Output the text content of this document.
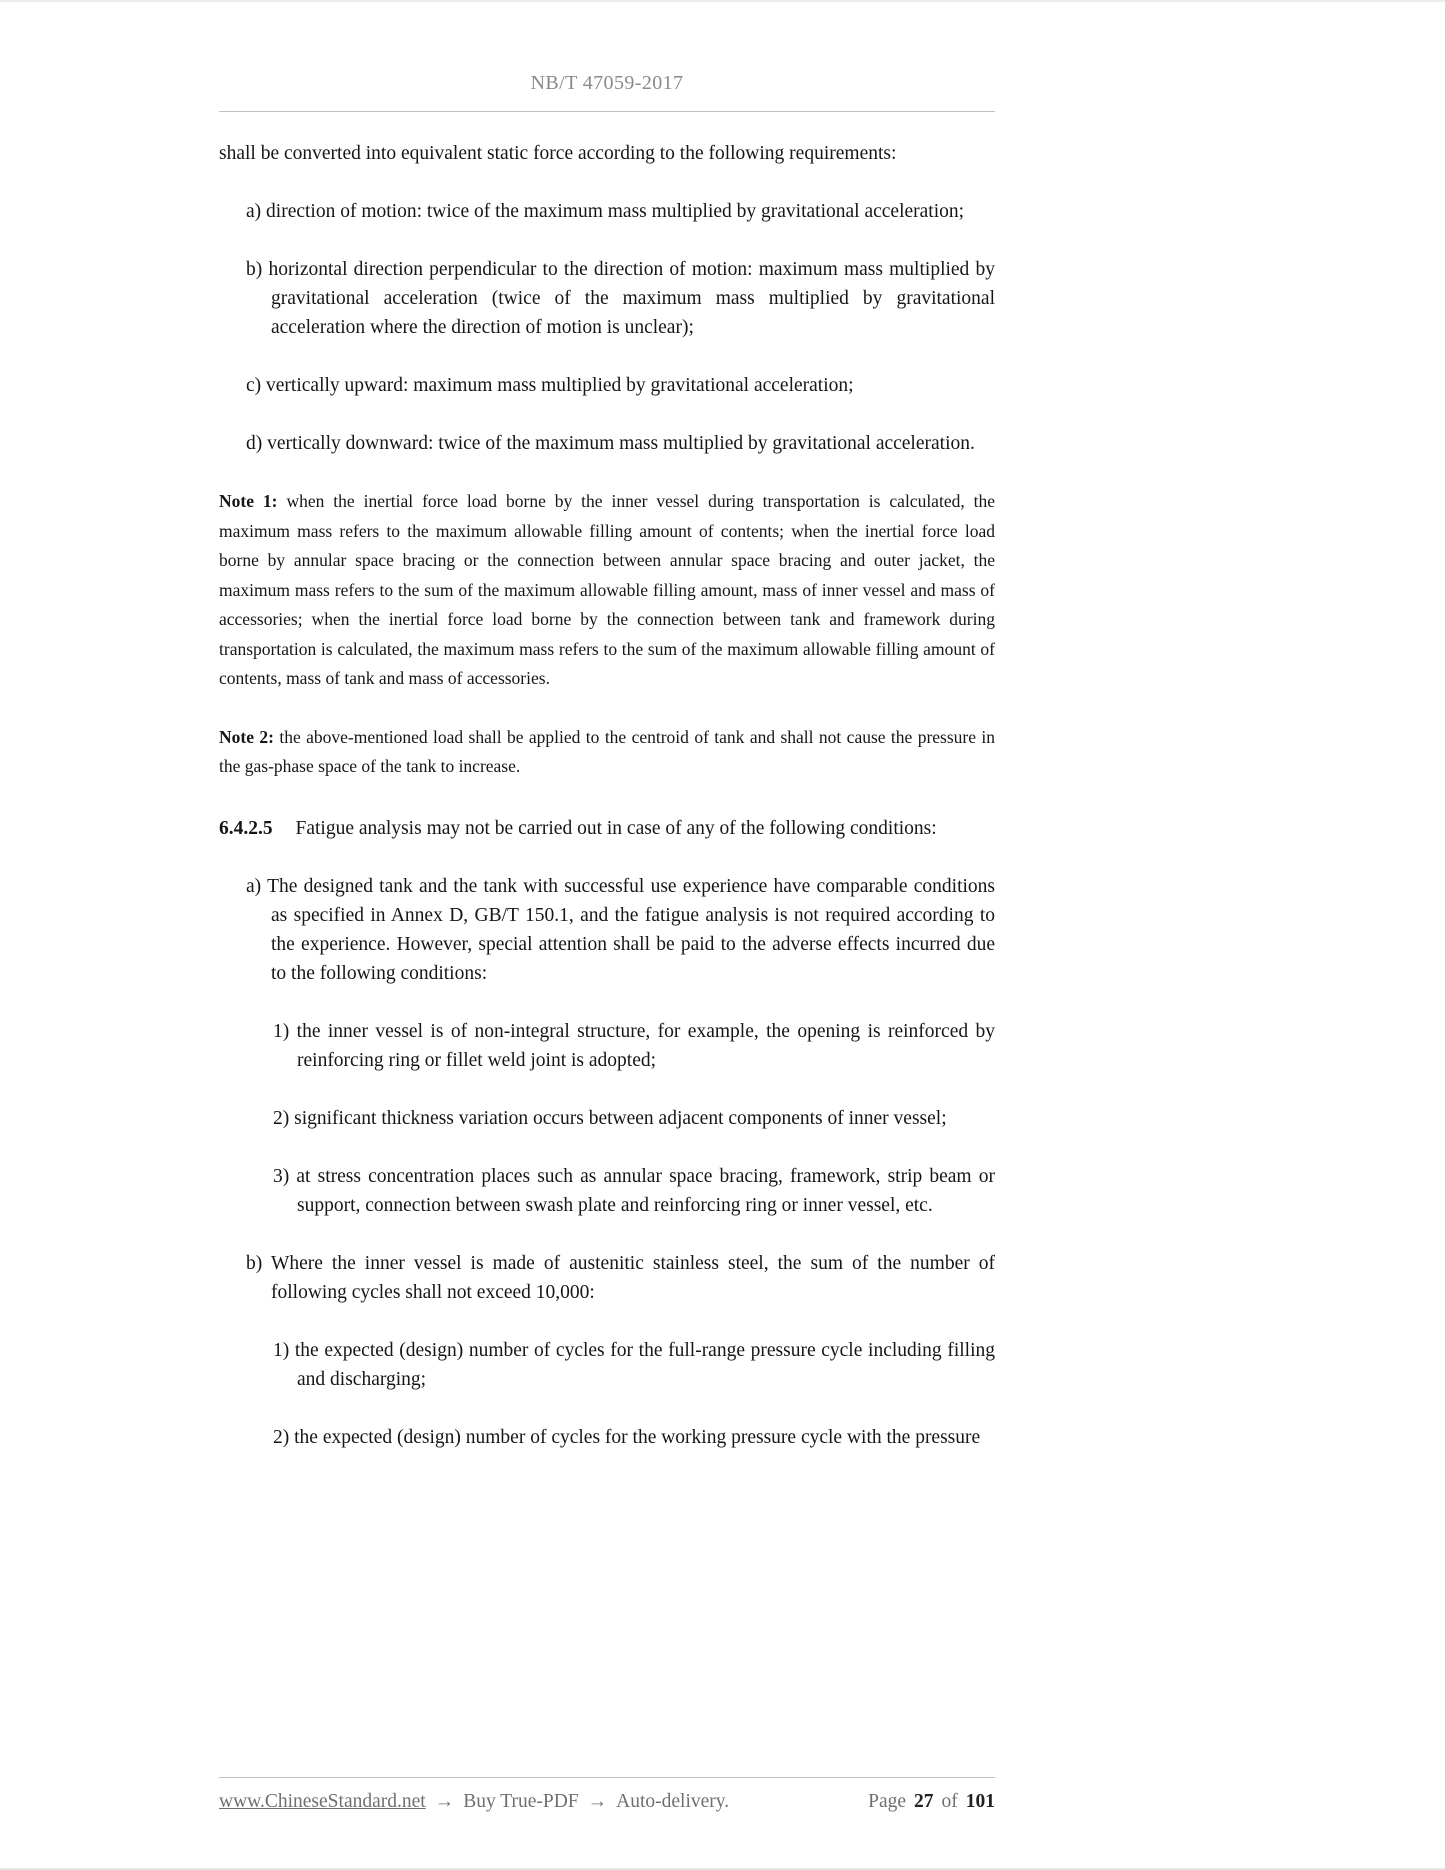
NB/T 47059-2017

shall be converted into equivalent static force according to the following requirements:

a) direction of motion: twice of the maximum mass multiplied by gravitational acceleration;

b) horizontal direction perpendicular to the direction of motion: maximum mass multiplied by gravitational acceleration (twice of the maximum mass multiplied by gravitational acceleration where the direction of motion is unclear);

c) vertically upward: maximum mass multiplied by gravitational acceleration;

d) vertically downward: twice of the maximum mass multiplied by gravitational acceleration.

Note 1: when the inertial force load borne by the inner vessel during transportation is calculated, the maximum mass refers to the maximum allowable filling amount of contents; when the inertial force load borne by annular space bracing or the connection between annular space bracing and outer jacket, the maximum mass refers to the sum of the maximum allowable filling amount, mass of inner vessel and mass of accessories; when the inertial force load borne by the connection between tank and framework during transportation is calculated, the maximum mass refers to the sum of the maximum allowable filling amount of contents, mass of tank and mass of accessories.

Note 2: the above-mentioned load shall be applied to the centroid of tank and shall not cause the pressure in the gas-phase space of the tank to increase.

6.4.2.5 Fatigue analysis may not be carried out in case of any of the following conditions:

a) The designed tank and the tank with successful use experience have comparable conditions as specified in Annex D, GB/T 150.1, and the fatigue analysis is not required according to the experience. However, special attention shall be paid to the adverse effects incurred due to the following conditions:

1) the inner vessel is of non-integral structure, for example, the opening is reinforced by reinforcing ring or fillet weld joint is adopted;

2) significant thickness variation occurs between adjacent components of inner vessel;

3) at stress concentration places such as annular space bracing, framework, strip beam or support, connection between swash plate and reinforcing ring or inner vessel, etc.

b) Where the inner vessel is made of austenitic stainless steel, the sum of the number of following cycles shall not exceed 10,000:

1) the expected (design) number of cycles for the full-range pressure cycle including filling and discharging;

2) the expected (design) number of cycles for the working pressure cycle with the pressure

www.ChineseStandard.net → Buy True-PDF → Auto-delivery.	Page 27 of 101
